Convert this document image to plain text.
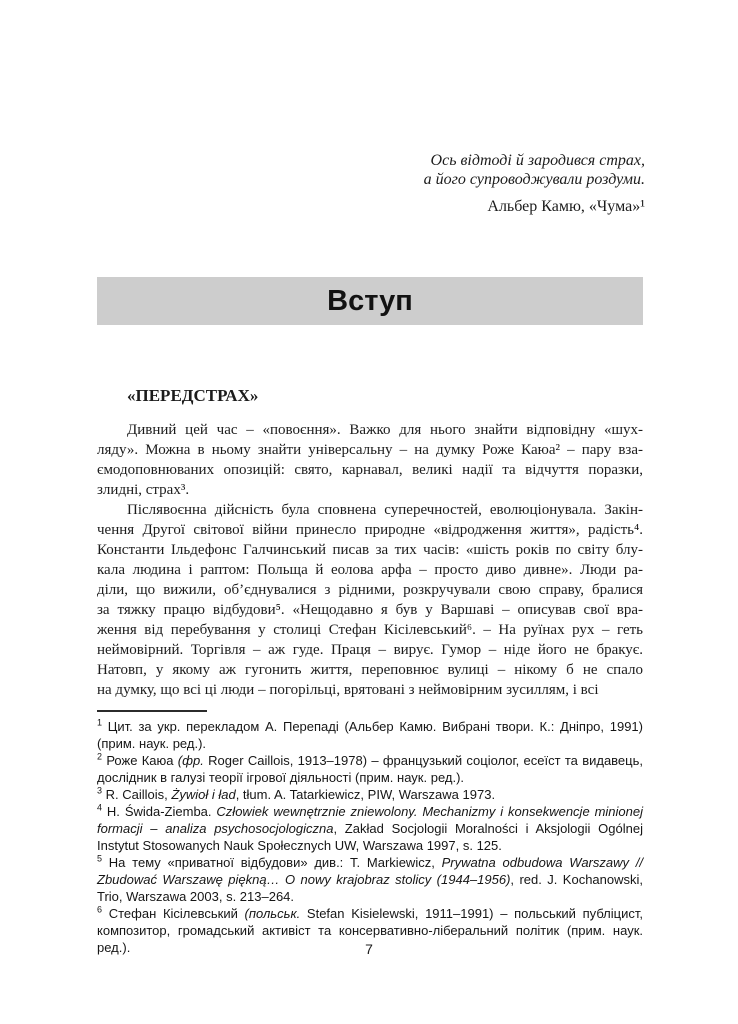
Ось відтоді й зародився страх,
а його супроводжували роздуми.
Альбер Камю, «Чума»¹
Вступ
«ПЕРЕДСТРАХ»
Дивний цей час – «повоєння». Важко для нього знайти відповідну «шух-
ляду». Можна в ньому знайти універсальну – на думку Роже Каюа² – пару вза-
ємодоповнюваних опозицій: свято, карнавал, великі надії та відчуття поразки,
злидні, страх³.
Післявоєнна дійсність була сповнена суперечностей, еволюціонувала. Закін-
чення Другої світової війни принесло природне «відродження життя», радість⁴.
Константи Ільдефонс Галчинський писав за тих часів: «шість років по світу блу-
кала людина і раптом: Польща й еолова арфа – просто диво дивне». Люди ра-
діли, що вижили, об’єднувалися з рідними, розкручували свою справу, бралися
за тяжку працю відбудови⁵. «Нещодавно я був у Варшаві – описував свої вра-
ження від перебування у столиці Стефан Кісілевський⁶. – На руїнах рух – геть
неймовірний. Торгівля – аж гуде. Праця – вирує. Гумор – ніде його не бракує.
Натовп, у якому аж гугонить життя, переповнює вулиці – нікому б не спало
на думку, що всі ці люди – погорільці, врятовані з неймовірним зусиллям, і всі
$^1$ Цит. за укр. перекладом А. Перепаді (Альбер Камю. Вибрані твори. К.: Дніпро, 1991) (прим. наук. ред.).
$^2$ Роже Каюа (фр. Roger Caillois, 1913–1978) – французький соціолог, есеїст та видавець, дослідник в галузі теорії ігрової діяльності (прим. наук. ред.).
$^3$ R. Caillois, Żywioł i ład, tłum. A. Tatarkiewicz, PIW, Warszawa 1973.
$^4$ H. Świda-Ziemba. Człowiek wewnętrznie zniewolony. Mechanizmy i konsekwencje minionej formacji – analiza psychosocjologiczna, Zakład Socjologii Moralności i Aksjologii Ogólnej Instytut Stosowanych Nauk Społecznych UW, Warszawa 1997, s. 125.
$^5$ На тему «приватної відбудови» див.: T. Markiewicz, Prywatna odbudowa Warszawy // Zbudować Warszawę piękną… O nowy krajobraz stolicy (1944–1956), red. J. Kochanowski, Trio, Warszawa 2003, s. 213–264.
$^6$ Стефан Кісілевський (польськ. Stefan Kisielewski, 1911–1991) – польський публіцист, композитор, громадський активіст та консервативно-ліберальний політик (прим. наук. ред.).	7
